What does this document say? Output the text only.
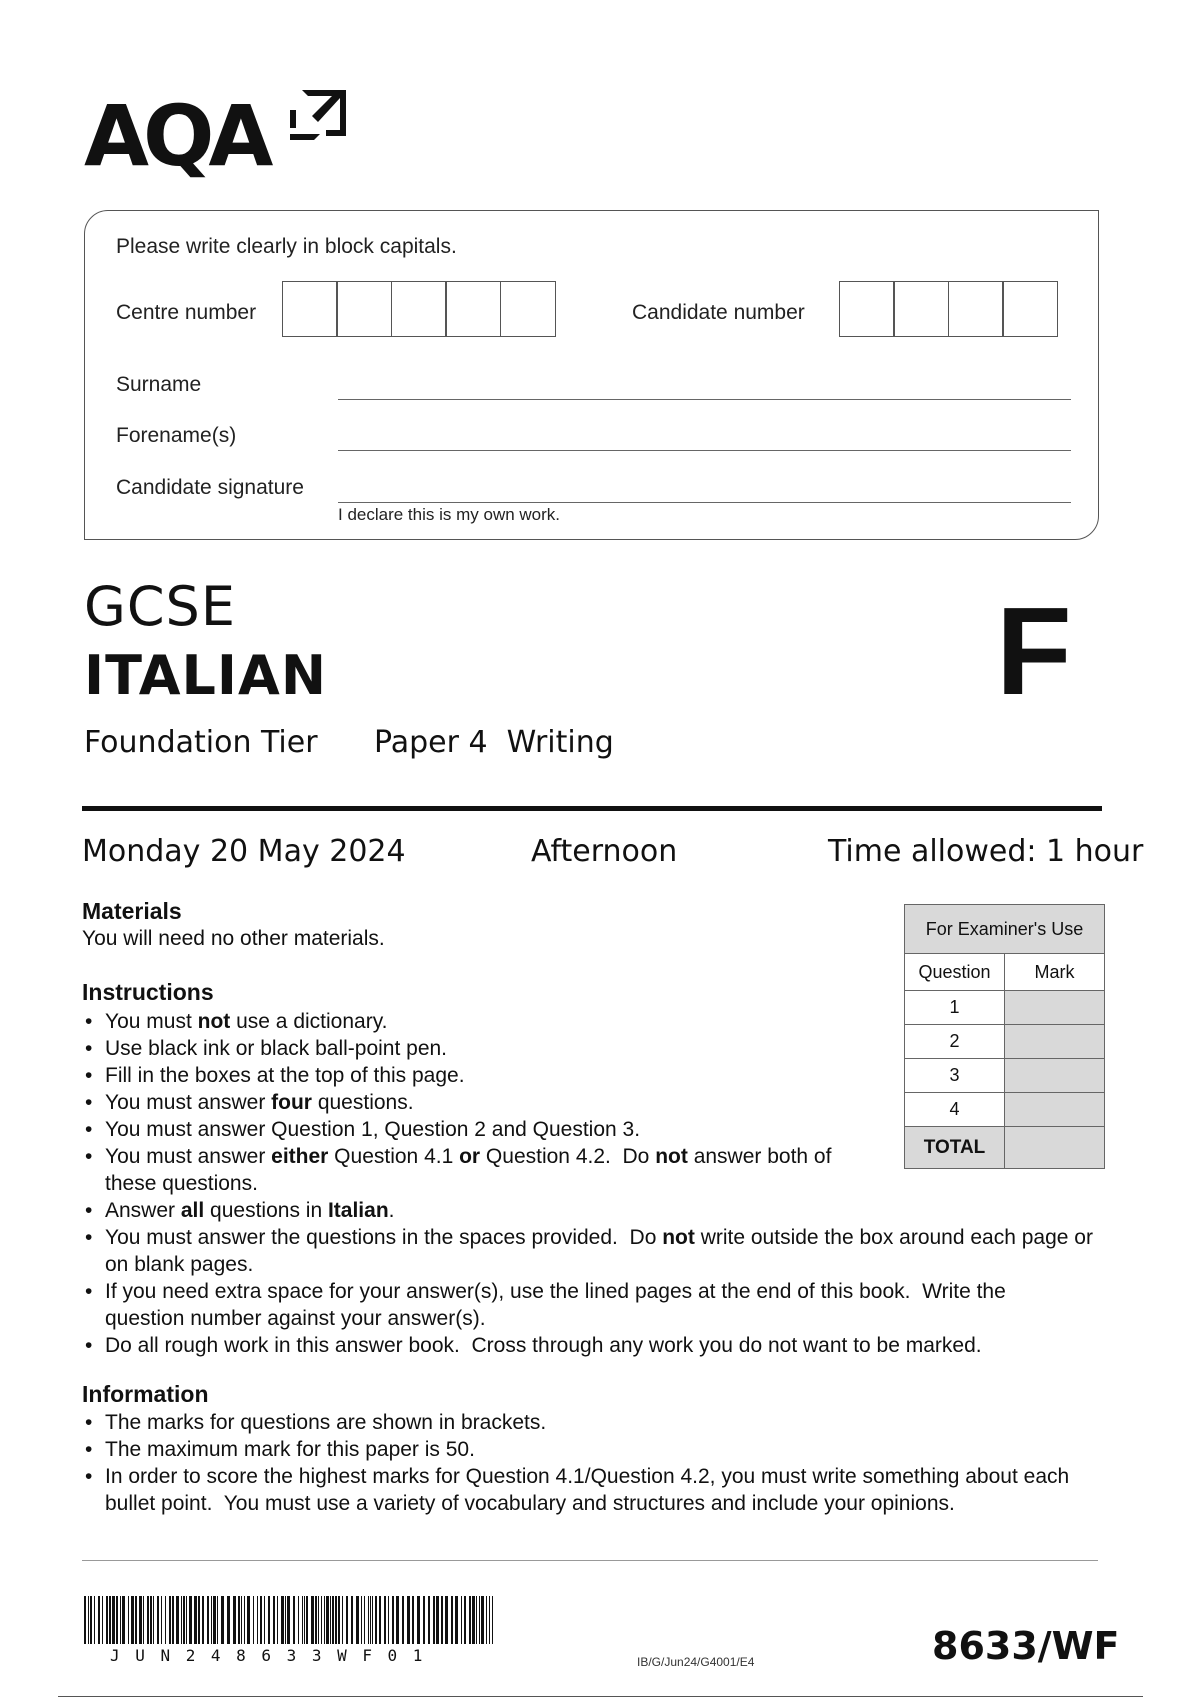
AQA
Please write clearly in block capitals.
Centre number	Candidate number
Surname
Forename(s)
Candidate signature
I declare this is my own work.
GCSE
ITALIAN
Foundation Tier Paper 4  Writing
F
Monday 20 May 2024	Afternoon	Time allowed: 1 hour
Materials
You will need no other materials.
Instructions
• You must not use a dictionary.
• Use black ink or black ball-point pen.
• Fill in the boxes at the top of this page.
• You must answer four questions.
• You must answer Question 1, Question 2 and Question 3.
• You must answer either Question 4.1 or Question 4.2.  Do not answer both of these questions.
• Answer all questions in Italian.
• You must answer the questions in the spaces provided.  Do not write outside the box around each page or on blank pages.
• If you need extra space for your answer(s), use the lined pages at the end of this book.  Write the question number against your answer(s).
• Do all rough work in this answer book.  Cross through any work you do not want to be marked.
Information
• The marks for questions are shown in brackets.
• The maximum mark for this paper is 50.
• In order to score the highest marks for Question 4.1/Question 4.2, you must write something about each bullet point.  You must use a variety of vocabulary and structures and include your opinions.
For Examiner's Use	
Question	Mark
1	
2	
3	
4	
TOTAL	
JUN248633WF01	IB/G/Jun24/G4001/E4	8633/WF
